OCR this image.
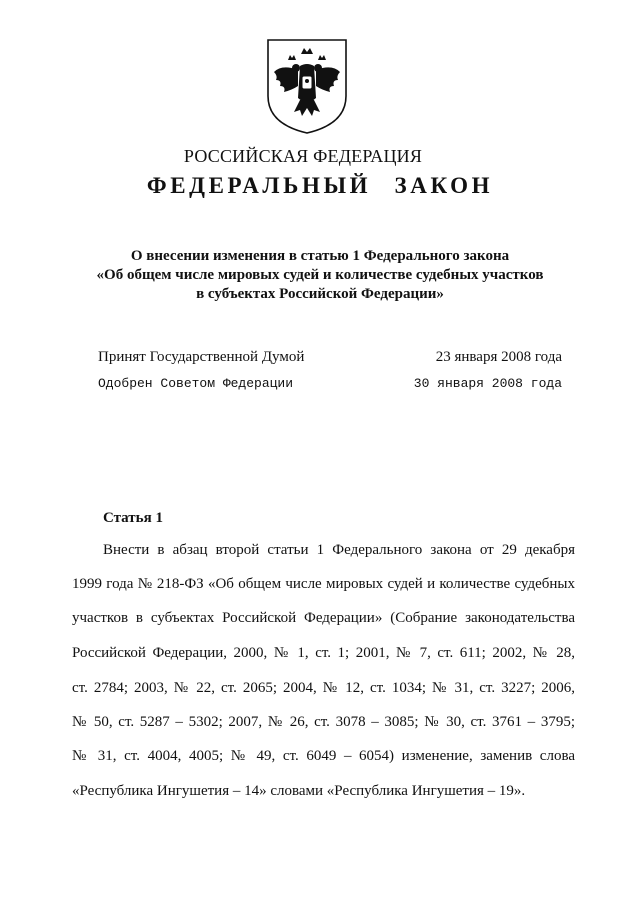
РОССИЙСКАЯ ФЕДЕРАЦИЯ
ФЕДЕРАЛЬНЫЙ ЗАКОН
О внесении изменения в статью 1 Федерального закона
«Об общем числе мировых судей и количестве судебных участков
в субъектах Российской Федерации»
Принят Государственной Думой	23 января 2008 года
Одобрен Советом Федерации	30 января 2008 года
Статья 1
Внести в абзац второй статьи 1 Федерального закона от 29 декабря
1999 года № 218-ФЗ «Об общем числе мировых судей и количестве судебных
участков в субъектах Российской Федерации» (Собрание законодательства
Российской Федерации, 2000, № 1, ст. 1; 2001, № 7, ст. 611; 2002, № 28,
ст. 2784; 2003, № 22, ст. 2065; 2004, № 12, ст. 1034; № 31, ст. 3227; 2006,
№ 50, ст. 5287 – 5302; 2007, № 26, ст. 3078 – 3085; № 30, ст. 3761 – 3795;
№ 31, ст. 4004, 4005; № 49, ст. 6049 – 6054) изменение, заменив слова
«Республика Ингушетия – 14» словами «Республика Ингушетия – 19».
